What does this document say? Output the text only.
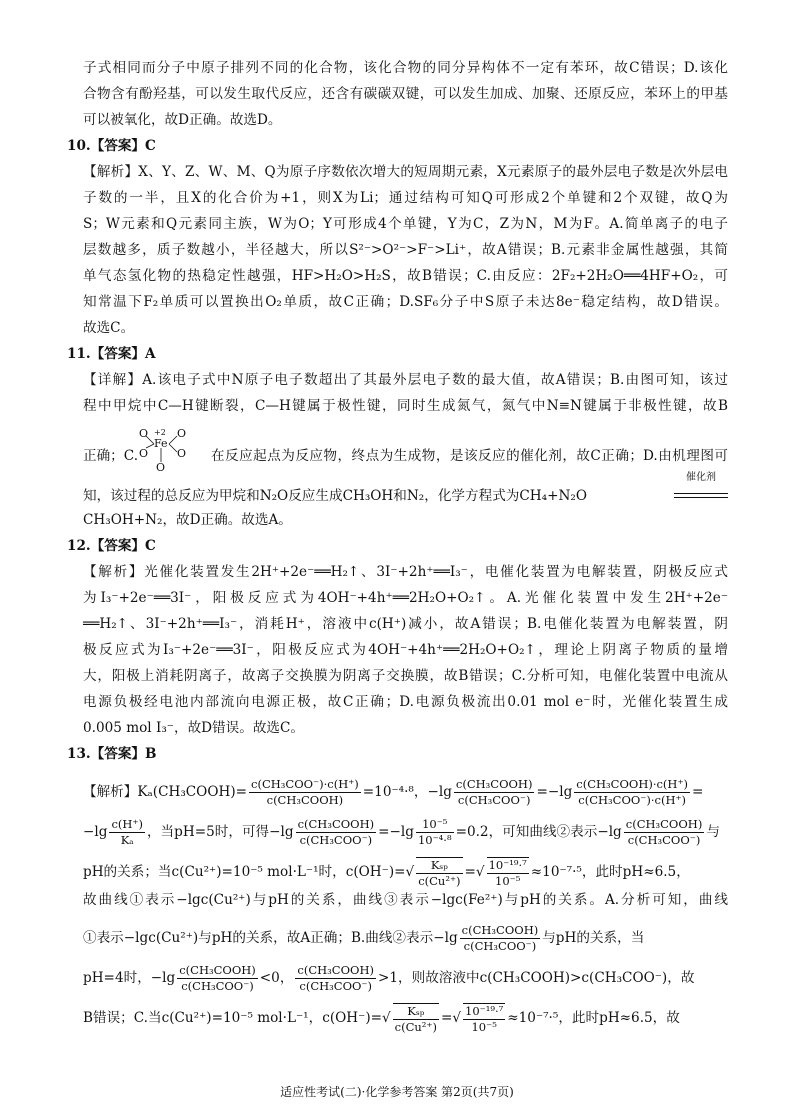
子式相同而分子中原子排列不同的化合物，该化合物的同分异构体不一定有苯环，故C错误；D.该化
合物含有酚羟基，可以发生取代反应，还含有碳碳双键，可以发生加成、加聚、还原反应，苯环上的甲基
可以被氧化，故D正确。故选D。
10.【答案】C
【解析】X、Y、Z、W、M、Q为原子序数依次增大的短周期元素，X元素原子的最外层电子数是次外层电
子数的一半，且X的化合价为+1，则X为Li；通过结构可知Q可形成2个单键和2个双键，故Q为
S；W元素和Q元素同主族，W为O；Y可形成4个单键，Y为C，Z为N，M为F。A.简单离子的电子
层数越多，质子数越小，半径越大，所以S²⁻>O²⁻>F⁻>Li⁺，故A错误；B.元素非金属性越强，其简
单气态氢化物的热稳定性越强，HF>H₂O>H₂S，故B错误；C.由反应：2F₂+2H₂O══4HF+O₂，可
知常温下F₂单质可以置换出O₂单质，故C正确；D.SF₆分子中S原子未达8e⁻稳定结构，故D错误。
故选C。
11.【答案】A
【详解】A.该电子式中N原子电子数超出了其最外层电子数的最大值，故A错误；B.由图可知，该过
程中甲烷中C—H键断裂，C—H键属于极性键，同时生成氮气，氮气中N≡N键属于非极性键，故B
正确；C.
+2
O
Fe
O
O
O
O
在反应起点为反应物，终点为生成物，是该反应的催化剂，故C正确；D.由机理图可
知，该过程的总反应为甲烷和N₂O反应生成CH₃OH和N₂，化学方程式为CH₄+N₂O
催化剂
CH₃OH+N₂，故D正确。故选A。
12.【答案】C
【解析】光催化装置发生2H⁺+2e⁻══H₂↑、3I⁻+2h⁺══I₃⁻，电催化装置为电解装置，阴极反应式
为I₃⁻+2e⁻══3I⁻，阳极反应式为4OH⁻+4h⁺══2H₂O+O₂↑。A.光催化装置中发生2H⁺+2e⁻
══H₂↑、3I⁻+2h⁺══I₃⁻，消耗H⁺，溶液中c(H⁺)减小，故A错误；B.电催化装置为电解装置，阴
极反应式为I₃⁻+2e⁻══3I⁻，阳极反应式为4OH⁻+4h⁺══2H₂O+O₂↑，理论上阴离子物质的量增
大，阳极上消耗阴离子，故离子交换膜为阴离子交换膜，故B错误；C.分析可知，电催化装置中电流从
电源负极经电池内部流向电源正极，故C正确；D.电源负极流出0.01 mol e⁻时，光催化装置生成
0.005 mol I₃⁻，故D错误。故选C。
13.【答案】B
【解析】Kₐ(CH₃COOH)= $\frac{\text{c(CH₃COO⁻)·c(H⁺)}}{\text{c(CH₃COOH)}} =10^{-4}\cdot^8$，$-\lg \frac{\text{c(CH₃COOH)}}{\text{c(CH₃COO⁻)}} =-\lg \frac{\text{c(CH₃COOH)·c(H⁺)}}{\text{c(CH₃COO⁻)·c(H⁺)}}$ =
$-\lg \frac{c(H^+)}{\text{Kₐ}}$ ，当pH=5时，可得$-\lg \frac{\text{c(CH₃COOH)}}{\text{c(CH₃COO⁻)}} =-\lg \frac{\text{10⁻⁵}}{\text{10⁻⁴·⁸}} =0.2$，可知曲线②表示$-\lg \frac{\text{c(CH₃COOH)}}{\text{c(CH₃COO⁻)}}$ 与
pH的关系；当c(Cu²⁺)=10⁻⁵ mol·L⁻¹时，$c(OH^-)=√ \frac{\text{Kₛₚ}}{\text{c(Cu²⁺)}}$ =√ $\frac{\text{10⁻¹⁹·⁷}}{\text{10⁻⁵}} \approx 10^{-7}\cdot^5$，此时pH≈6.5，
故曲线①表示−lgc(Cu²⁺)与pH的关系，曲线③表示−lgc(Fe²⁺)与pH的关系。A.分析可知，曲线
①表示−lgc(Cu²⁺)与pH的关系，故A正确；B.曲线②表示$-\lg \frac{\text{c(CH₃COOH)}}{\text{c(CH₃COO⁻)}}$ 与pH的关系，当
pH=4时，$-\lg \frac{\text{c(CH₃COOH)}}{\text{c(CH₃COO⁻)}} <0$， $\frac{\text{c(CH₃COOH)}}{\text{c(CH₃COO⁻)}} >1$，则故溶液中c(CH₃COOH)>c(CH₃COO⁻)，故
B错误；C.当c(Cu²⁺)=10⁻⁵ mol·L⁻¹，$c(OH^-)=√ \frac{\text{Kₛₚ}}{\text{c(Cu²⁺)}}$ =√ $\frac{\text{10⁻¹⁹·⁷}}{\text{10⁻⁵}} \approx 10^{-7}\cdot^5$，此时pH≈6.5，故
适应性考试(二)·化学参考答案 第2页(共7页)
